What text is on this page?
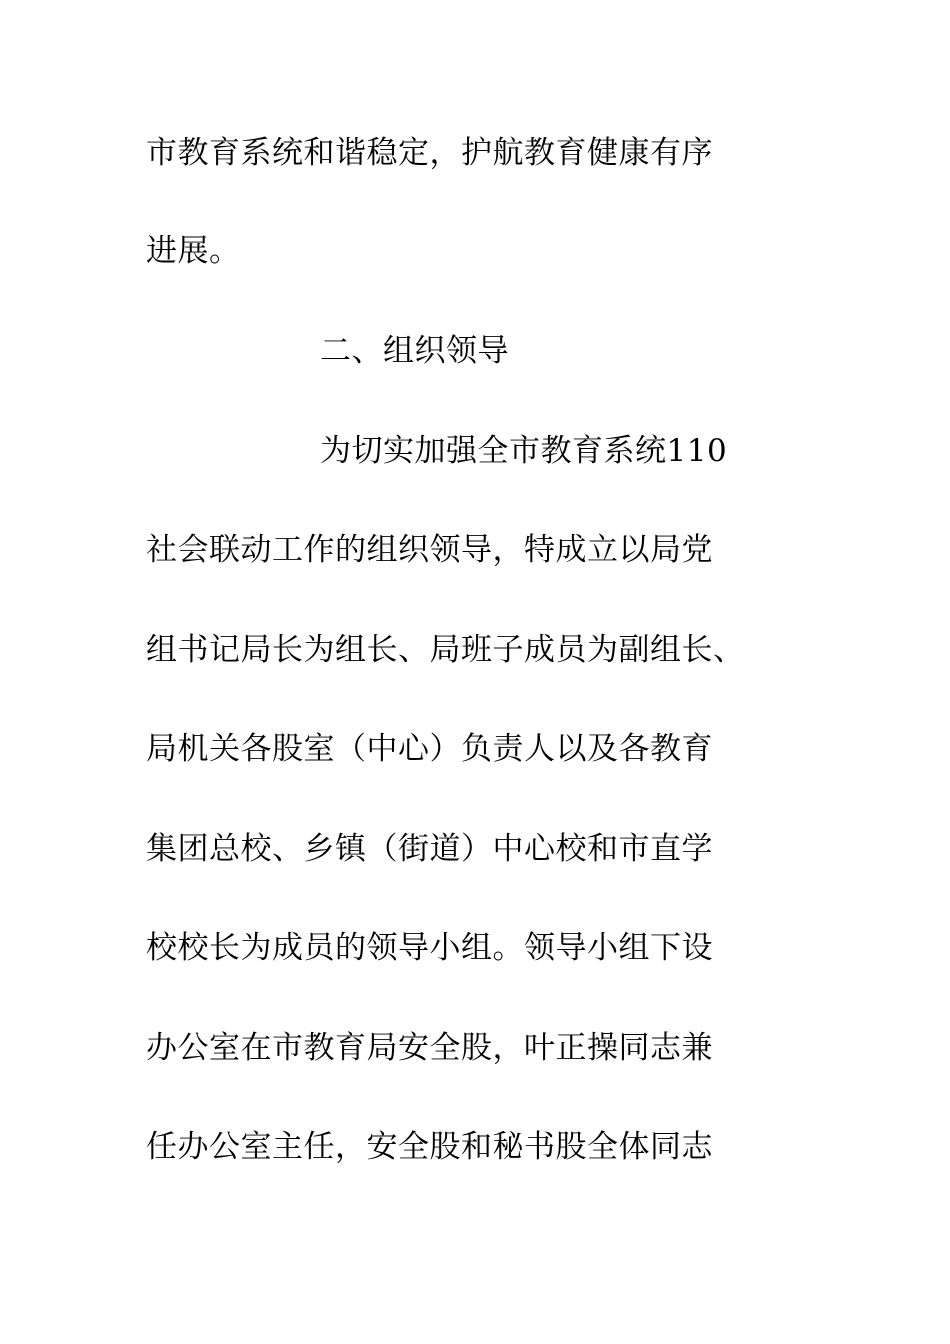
市教育系统和谐稳定，护航教育健康有序
进展。
二、组织领导
为切实加强全市教育系统110
社会联动工作的组织领导，特成立以局党
组书记局长为组长、局班子成员为副组长、
局机关各股室（中心）负责人以及各教育
集团总校、乡镇（街道）中心校和市直学
校校长为成员的领导小组。领导小组下设
办公室在市教育局安全股，叶正操同志兼
任办公室主任，安全股和秘书股全体同志
